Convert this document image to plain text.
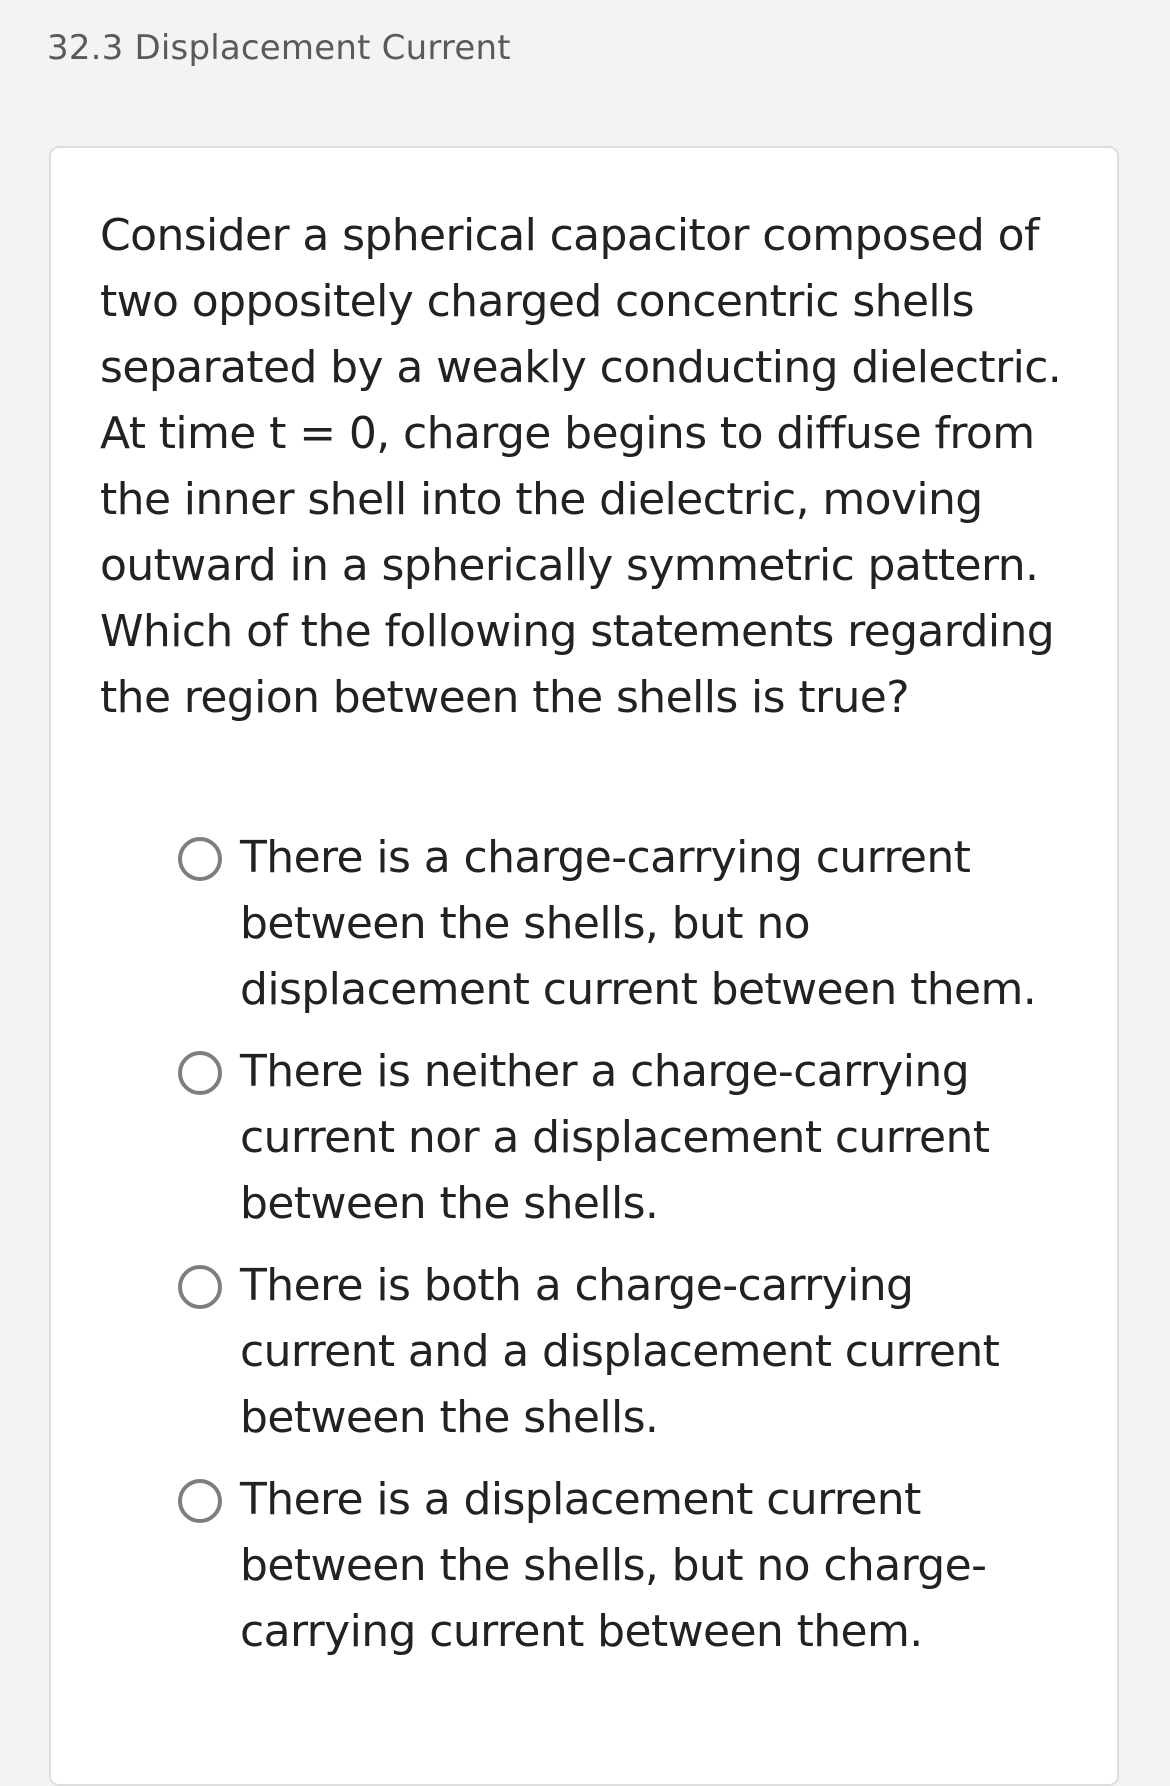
32.3 Displacement Current

Consider a spherical capacitor composed of two oppositely charged concentric shells separated by a weakly conducting dielectric. At time t = 0, charge begins to diffuse from the inner shell into the dielectric, moving outward in a spherically symmetric pattern. Which of the following statements regarding the region between the shells is true?

There is a charge-carrying current between the shells, but no displacement current between them.
There is neither a charge-carrying current nor a displacement current between the shells.
There is both a charge-carrying current and a displacement current between the shells.
There is a displacement current between the shells, but no charge-carrying current between them.
